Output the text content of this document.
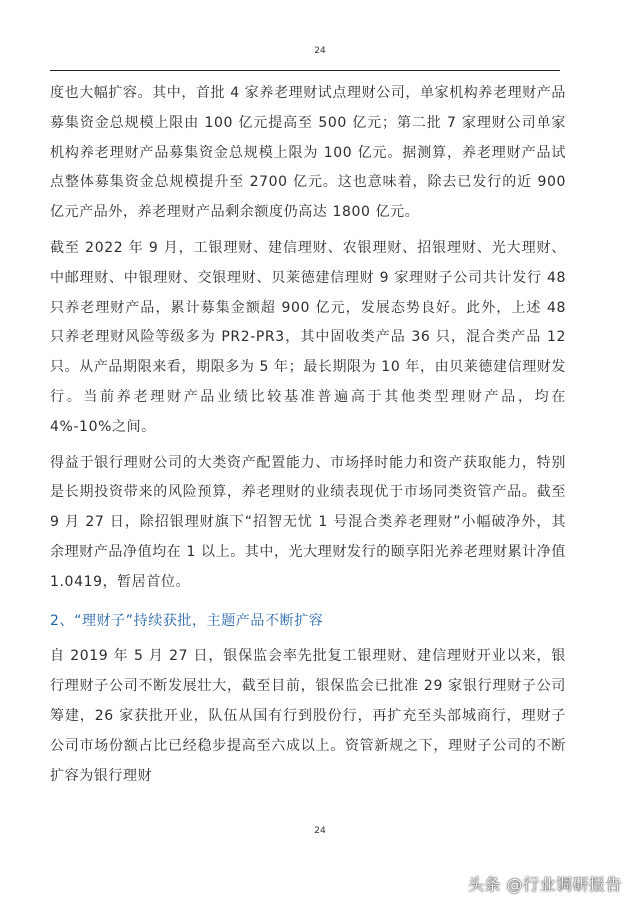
24

度也大幅扩容。其中，首批 4 家养老理财试点理财公司，单家机构养老理财产品募集资金总规模上限由 100 亿元提高至 500 亿元；第二批 7 家理财公司单家机构养老理财产品募集资金总规模上限为 100 亿元。据测算，养老理财产品试点整体募集资金总规模提升至 2700 亿元。这也意味着，除去已发行的近 900 亿元产品外，养老理财产品剩余额度仍高达 1800 亿元。

截至 2022 年 9 月，工银理财、建信理财、农银理财、招银理财、光大理财、中邮理财、中银理财、交银理财、贝莱德建信理财 9 家理财子公司共计发行 48 只养老理财产品，累计募集金额超 900 亿元，发展态势良好。此外，上述 48 只养老理财风险等级多为 PR2-PR3，其中固收类产品 36 只，混合类产品 12 只。从产品期限来看，期限多为 5 年；最长期限为 10 年，由贝莱德建信理财发行。当前养老理财产品业绩比较基准普遍高于其他类型理财产品，均在 4%-10%之间。

得益于银行理财公司的大类资产配置能力、市场择时能力和资产获取能力，特别是长期投资带来的风险预算，养老理财的业绩表现优于市场同类资管产品。截至 9 月 27 日，除招银理财旗下“招智无忧 1 号混合类养老理财”小幅破净外，其余理财产品净值均在 1 以上。其中，光大理财发行的颐享阳光养老理财累计净值 1.0419，暂居首位。

2、“理财子”持续获批，主题产品不断扩容

自 2019 年 5 月 27 日，银保监会率先批复工银理财、建信理财开业以来，银行理财子公司不断发展壮大，截至目前，银保监会已批准 29 家银行理财子公司筹建，26 家获批开业，队伍从国有行到股份行，再扩充至头部城商行，理财子公司市场份额占比已经稳步提高至六成以上。资管新规之下，理财子公司的不断扩容为银行理财

24
头条 @行业调研报告
